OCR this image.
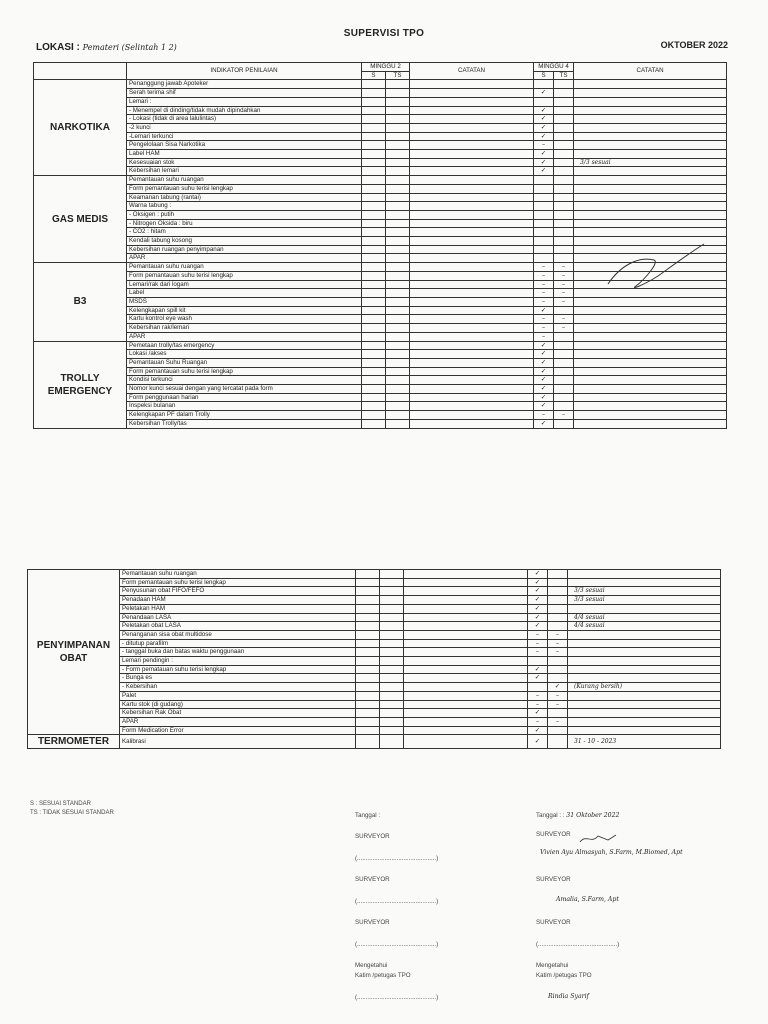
SUPERVISI TPO
LOKASI : Pemateri (Selintah 1 2)	OKTOBER 2022
	INDIKATOR PENILAIAN	MINGGU 2		CATATAN	MINGGU 4		CATATAN
		S	TS		S	TS	
NARKOTIKA	Penanggung jawab Apoteker						
	Serah terima shif				✓		
	Lemari :						
	- Menempel di dinding/tidak mudah dipindahkan				✓		
	- Lokasi (tidak di area lalulintas)				✓		
	-2 kunci				✓		
	-Lemari terkunci				✓		
	Pengelolaan Sisa Narkotika				–		
	Label HAM				✓		
	Kesesuaian stok				✓		3/3 sesuai
	Kebersihan lemari				✓		
GAS MEDIS	Pemantauan suhu ruangan						
	Form pemantauan suhu terisi lengkap						
	Keamanan tabung (rantai)						
	Warna tabung :						
	- Oksigen : putih						
	- Nitrogen Oksida : biru						
	- CO2 : hitam						
	Kendali tabung kosong						
	Kebersihan ruangan penyimpanan						
	APAR						
B3	Pemantauan suhu ruangan				–	–	
	Form pemantauan suhu terisi lengkap				–	–	
	Lemari/rak dari logam				–	–	
	Label				–	–	
	MSDS				–	–	
	Kelengkapan spill kit				✓		
	Kartu kontrol eye wash				–	–	
	Kebersihan rak/lemari				–	–	
	APAR				–		
TROLLY EMERGENCY	Pemetaan trolly/tas emergency				✓		
	Lokasi /akses				✓		
	Pemantauan Suhu Ruangan				✓		
	Form pemantauan suhu terisi lengkap				✓		
	Kondisi terkunci				✓		
	Nomor kunci sesuai dengan yang tercatat pada form				✓		
	Form penggunaan harian				✓		
	Inspeksi bulanan				✓		
	Kelengkapan PF dalam Trolly				–	–	
	Kebersihan Trolly/tas				✓		
PENYIMPANAN OBAT	Pemantauan suhu ruangan				✓		
	Form pemantauan suhu terisi lengkap				✓		
	Penyusunan obat FIFO/FEFO				✓		3/3 sesuai
	Penadaan HAM				✓		3/3 sesuai
	Peletakan HAM				✓		
	Penandaan LASA				✓		4/4 sesuai
	Peletakan obat LASA				✓		4/4 sesuai
	Penanganan sisa obat multidose				–	–	
	- ditutup parafilm				–	–	
	- tanggal buka dan batas waktu penggunaan				–	–	
	Lemari pendingin :						
	- Form pematauan suhu terisi lengkap				✓		
	- Bunga es				✓		
	- Kebersihan					✓	(Kurang bersih)
	Palet				–	–	
	Kartu stok (di gudang)				–	–	
	Kebersihan Rak Obat				✓		
	APAR				–	–	
	Form Medication Error				✓		
TERMOMETER	Kalibrasi				✓		31 - 10 - 2023
S : SESUAI STANDAR
TS : TIDAK SESUAI STANDAR	Tanggal :
SURVEYOR
(..............................................)
SURVEYOR
(..............................................)
SURVEYOR
(..............................................)
Mengetahui
Katim /petugas TPO
(..............................................)
Tanggal : : 31 Oktober 2022
SURVEYOR
Vivien Ayu Almasyah, S.Farm, M.Biomed, Apt
SURVEYOR
Amalia, S.Farm, Apt
SURVEYOR
(..............................................)
Mengetahui
Katim /petugas TPO
Rindia Syarif
